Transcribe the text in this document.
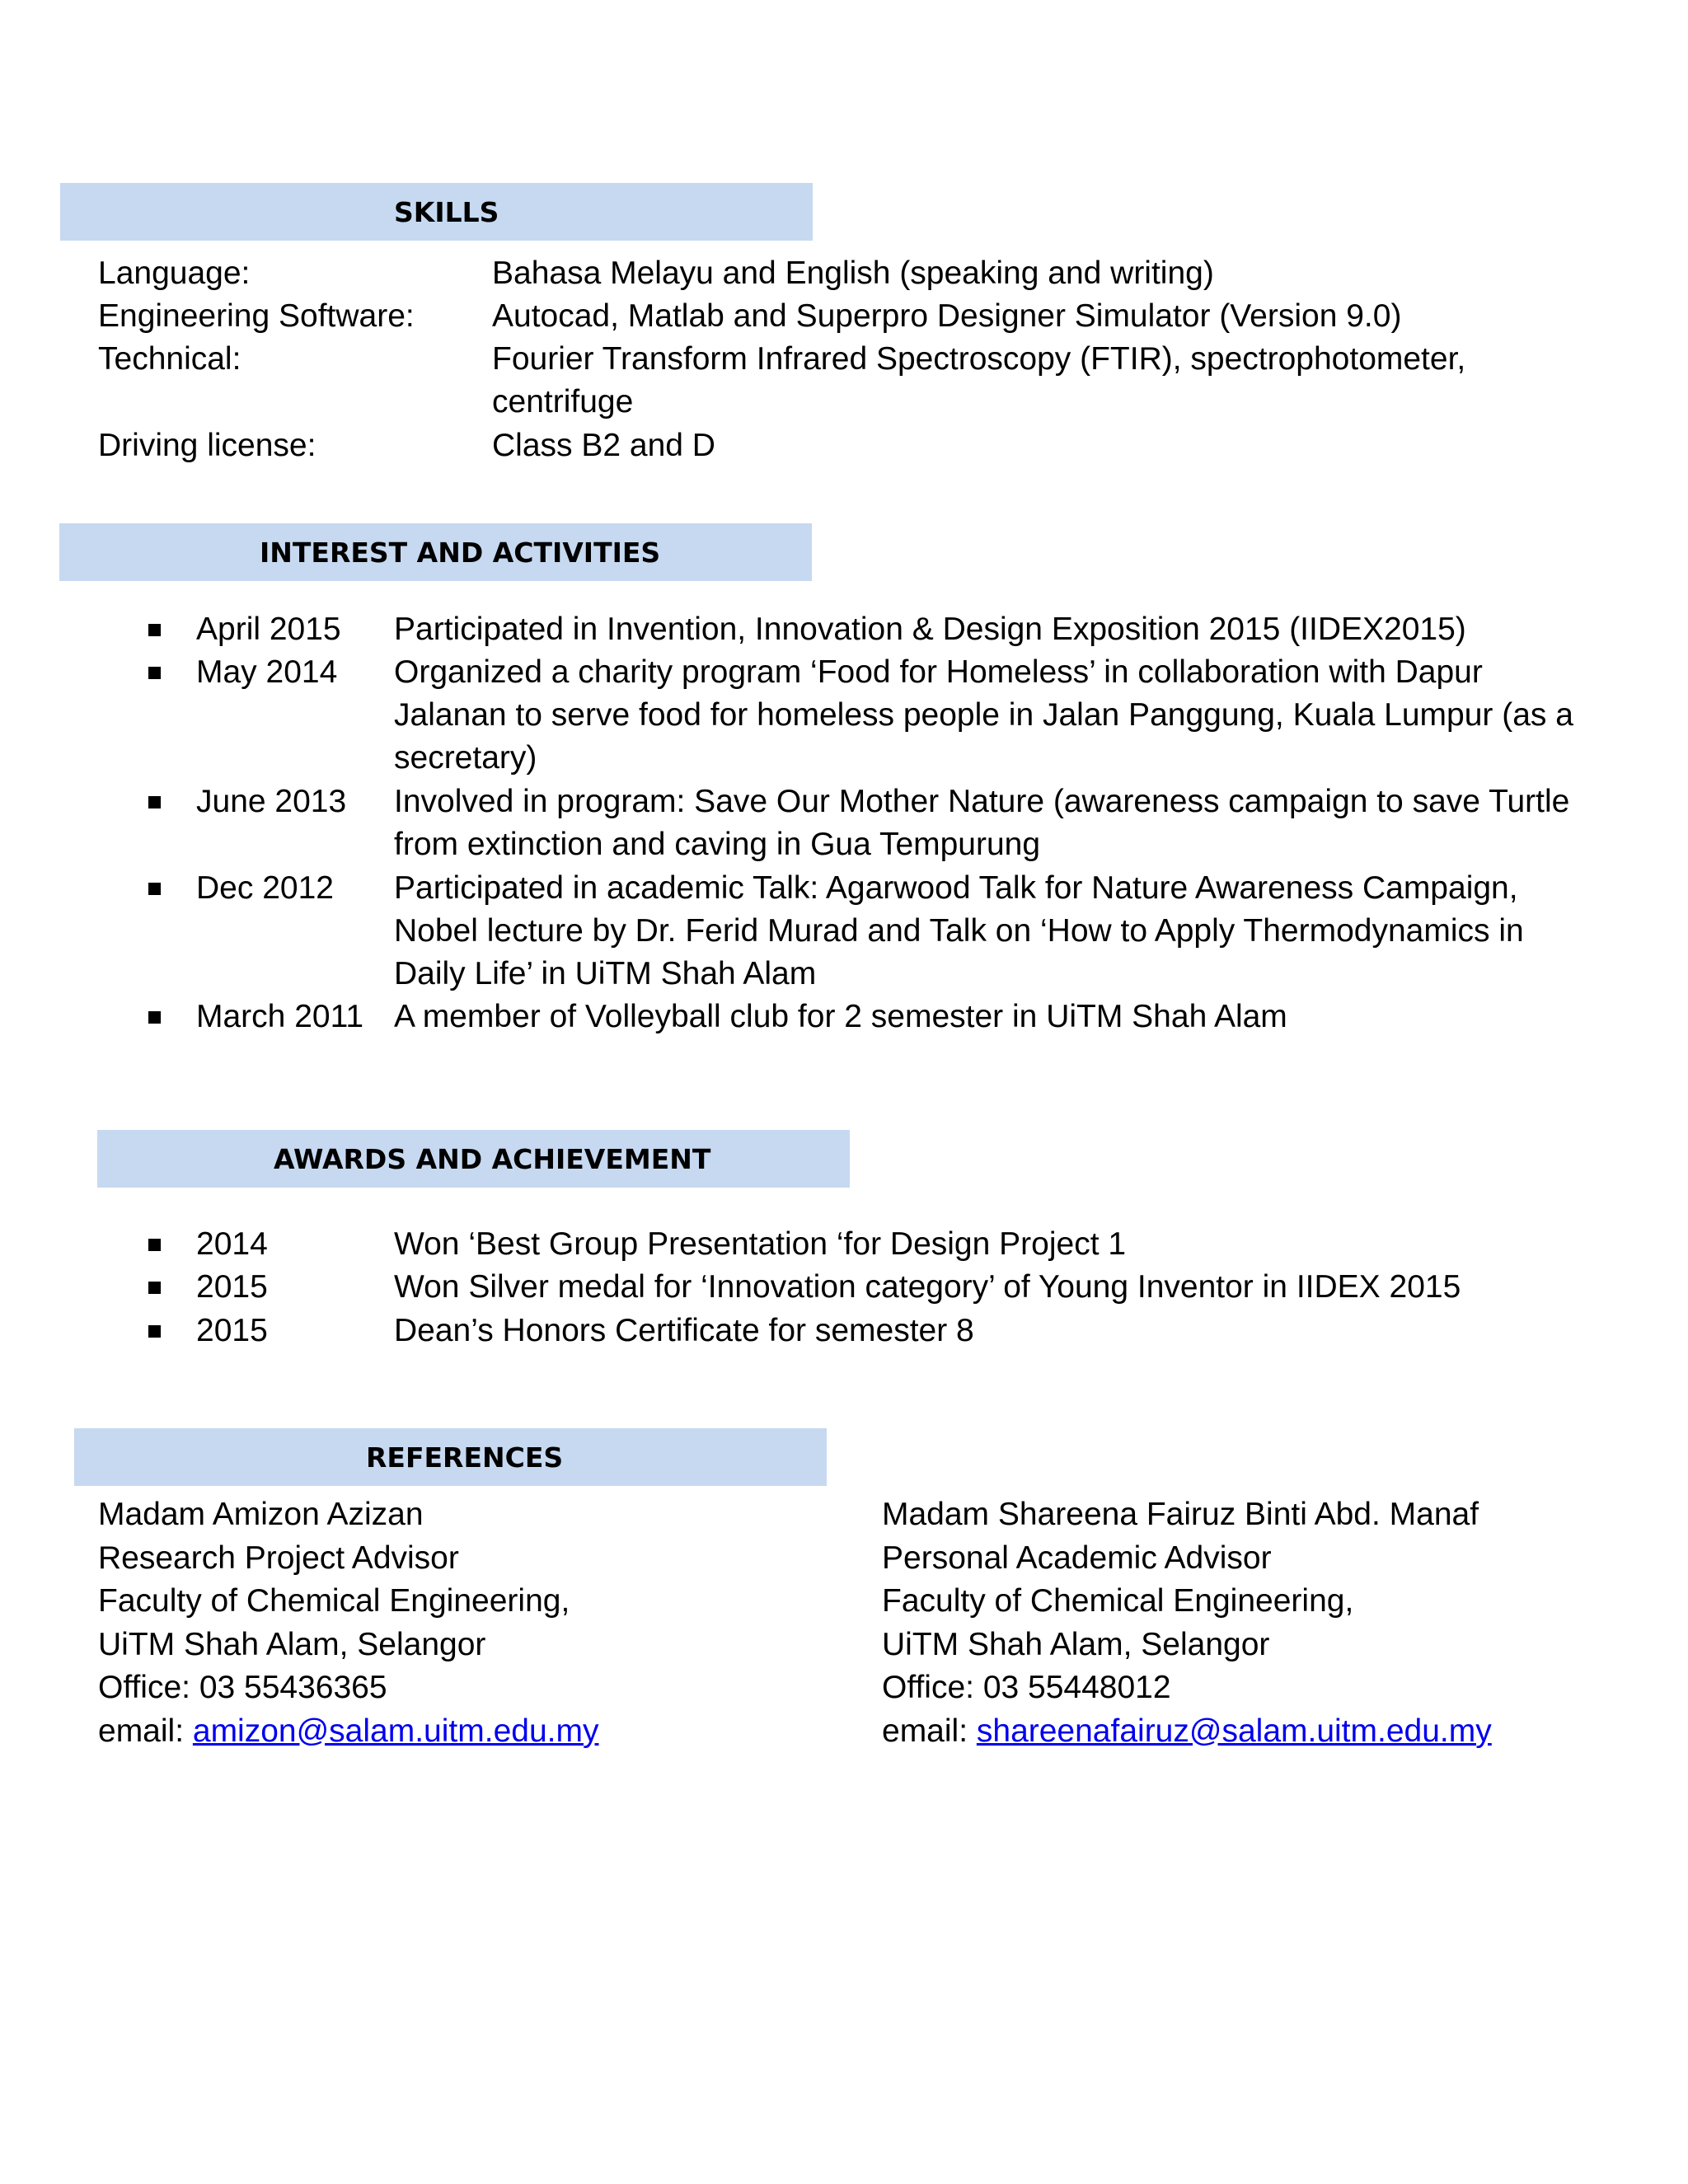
SKILLS
Language:	Bahasa Melayu and English (speaking and writing)
Engineering Software: Autocad, Matlab and Superpro Designer Simulator (Version 9.0)
Technical:	Fourier Transform Infrared Spectroscopy (FTIR), spectrophotometer, centrifuge
Driving license:	Class B2 and D
INTEREST AND ACTIVITIES
April 2015 Participated in Invention, Innovation & Design Exposition 2015 (IIDEX2015)
May 2014 Organized a charity program ‘Food for Homeless’ in collaboration with Dapur Jalanan to serve food for homeless people in Jalan Panggung, Kuala Lumpur (as a secretary)
June 2013 Involved in program: Save Our Mother Nature (awareness campaign to save Turtle from extinction and caving in Gua Tempurung
Dec 2012 Participated in academic Talk: Agarwood Talk for Nature Awareness Campaign, Nobel lecture by Dr. Ferid Murad and Talk on ‘How to Apply Thermodynamics in Daily Life’ in UiTM Shah Alam
March 2011 A member of Volleyball club for 2 semester in UiTM Shah Alam
AWARDS AND ACHIEVEMENT
2014	Won ‘Best Group Presentation ‘for Design Project 1
2015	Won Silver medal for ‘Innovation category’ of Young Inventor in IIDEX 2015
2015	Dean’s Honors Certificate for semester 8
REFERENCES
Madam Amizon Azizan
Research Project Advisor
Faculty of Chemical Engineering,
UiTM Shah Alam, Selangor
Office: 03 55436365
email: amizon@salam.uitm.edu.my
Madam Shareena Fairuz Binti Abd. Manaf
Personal Academic Advisor
Faculty of Chemical Engineering,
UiTM Shah Alam, Selangor
Office: 03 55448012
email: shareenafairuz@salam.uitm.edu.my
